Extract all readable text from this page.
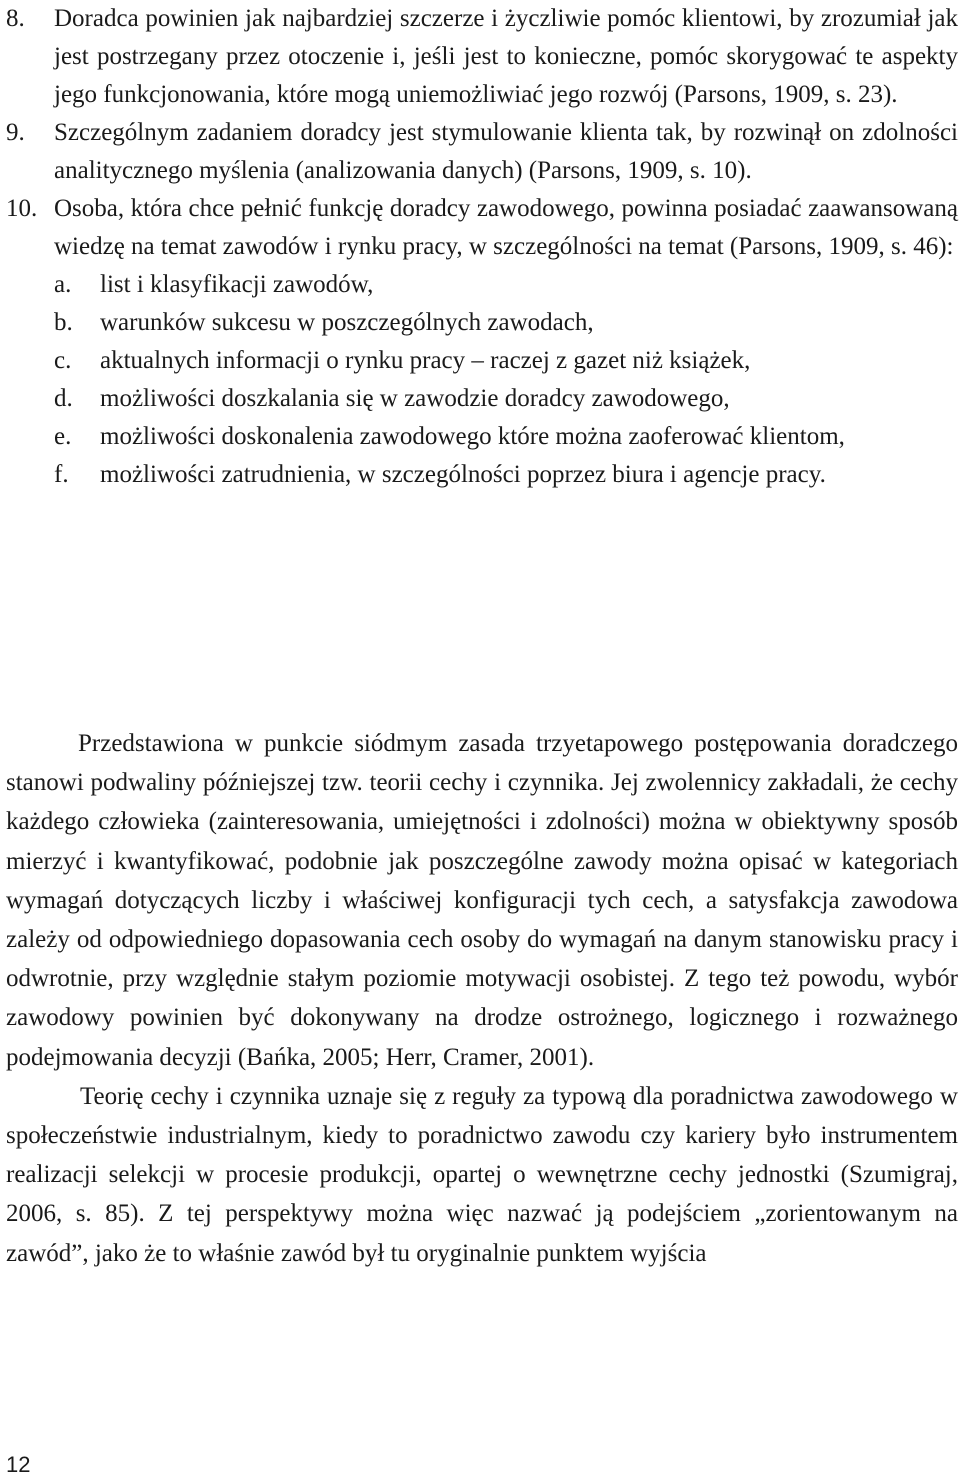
8. Doradca powinien jak najbardziej szczerze i życzliwie pomóc klientowi, by zrozumiał jak jest postrzegany przez otoczenie i, jeśli jest to konieczne, pomóc skorygować te aspekty jego funkcjonowania, które mogą uniemożliwiać jego rozwój (Parsons, 1909, s. 23).
9. Szczególnym zadaniem doradcy jest stymulowanie klienta tak, by rozwinął on zdolności analitycznego myślenia (analizowania danych) (Parsons, 1909, s. 10).
10. Osoba, która chce pełnić funkcję doradcy zawodowego, powinna posiadać zaawansowaną wiedzę na temat zawodów i rynku pracy, w szczególności na temat (Parsons, 1909, s. 46):
a. list i klasyfikacji zawodów,
b. warunków sukcesu w poszczególnych zawodach,
c. aktualnych informacji o rynku pracy – raczej z gazet niż książek,
d. możliwości doszkalania się w zawodzie doradcy zawodowego,
e. możliwości doskonalenia zawodowego które można zaoferować klientom,
f. możliwości zatrudnienia, w szczególności poprzez biura i agencje pracy.

Przedstawiona w punkcie siódmym zasada trzyetapowego postępowania doradczego stanowi podwaliny późniejszej tzw. teorii cechy i czynnika. Jej zwolennicy zakładali, że cechy każdego człowieka (zainteresowania, umiejętności i zdolności) można w obiektywny sposób mierzyć i kwantyfikować, podobnie jak poszczególne zawody można opisać w kategoriach wymagań dotyczących liczby i właściwej konfiguracji tych cech, a satysfakcja zawodowa zależy od odpowiedniego dopasowania cech osoby do wymagań na danym stanowisku pracy i odwrotnie, przy względnie stałym poziomie motywacji osobistej. Z tego też powodu, wybór zawodowy powinien być dokonywany na drodze ostrożnego, logicznego i rozważnego podejmowania decyzji (Bańka, 2005; Herr, Cramer, 2001).

Teorię cechy i czynnika uznaje się z reguły za typową dla poradnictwa zawodowego w społeczeństwie industrialnym, kiedy to poradnictwo zawodu czy kariery było instrumentem realizacji selekcji w procesie produkcji, opartej o wewnętrzne cechy jednostki (Szumigraj, 2006, s. 85). Z tej perspektywy można więc nazwać ją podejściem „zorientowanym na zawód”, jako że to właśnie zawód był tu oryginalnie punktem wyjścia

12
